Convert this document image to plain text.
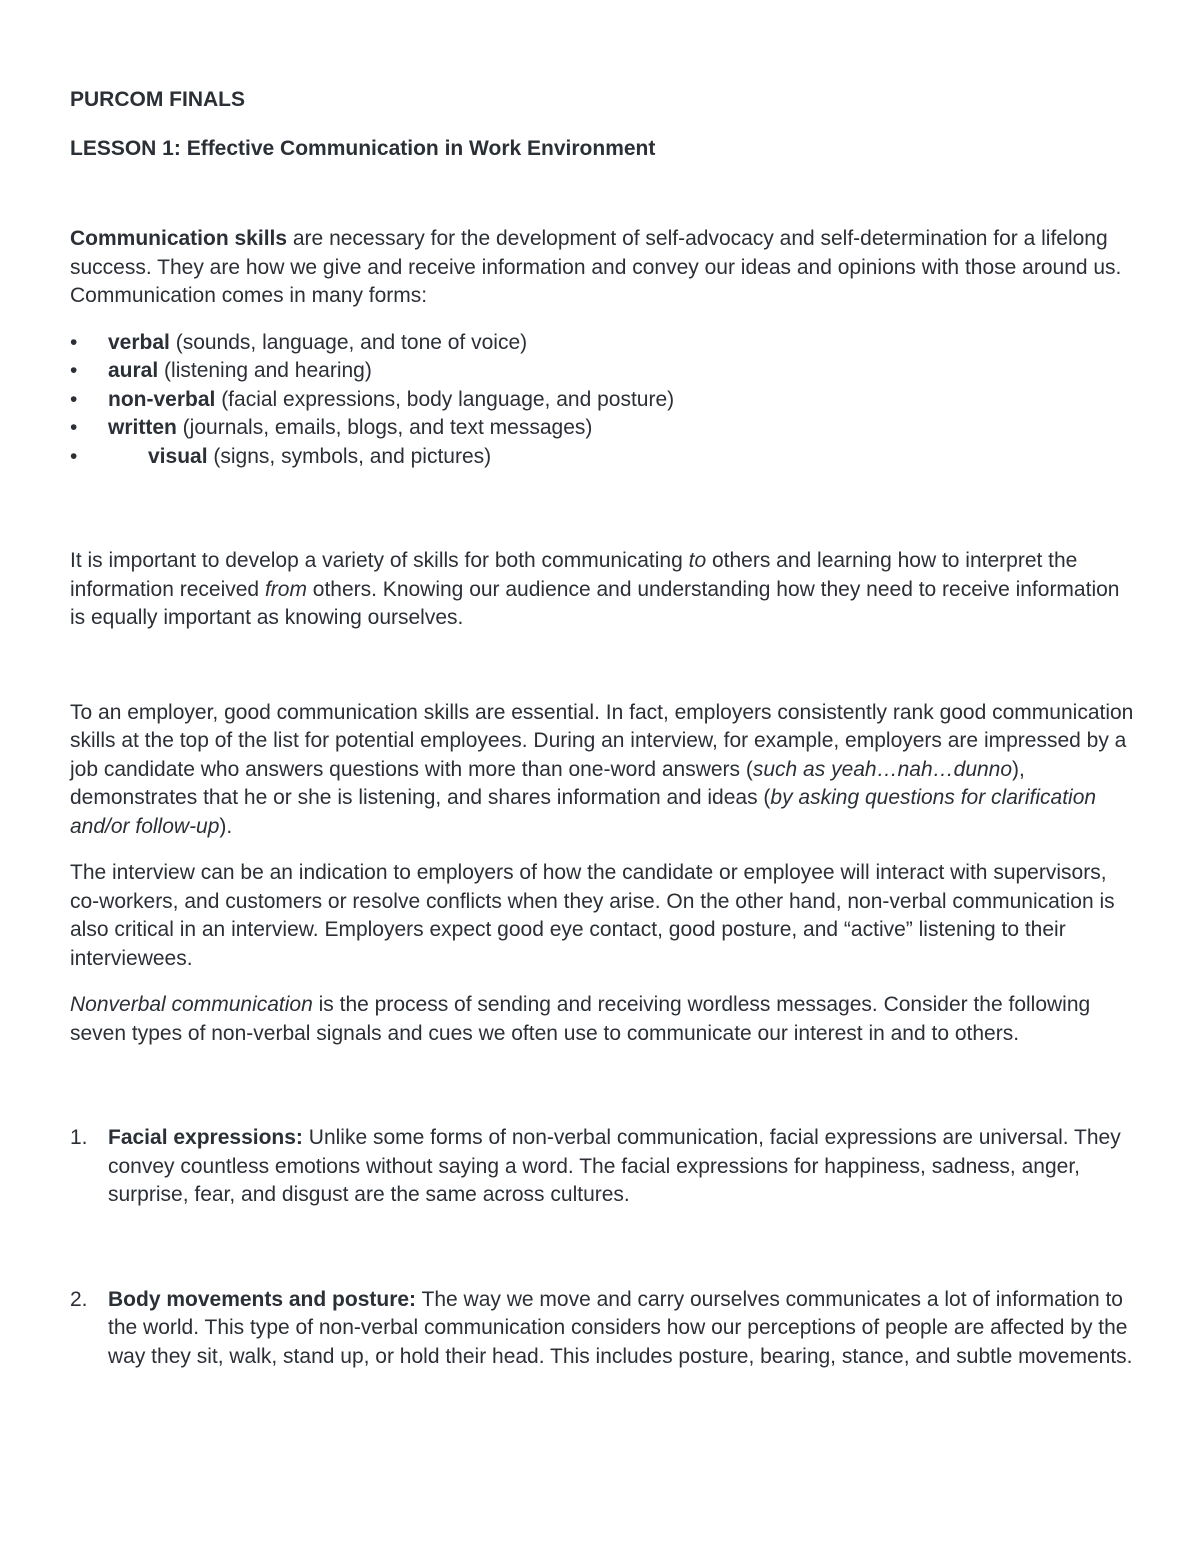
PURCOM FINALS
LESSON 1: Effective Communication in Work Environment

Communication skills are necessary for the development of self-advocacy and self-determination for a lifelong success. They are how we give and receive information and convey our ideas and opinions with those around us. Communication comes in many forms:

• verbal (sounds, language, and tone of voice)
• aural (listening and hearing)
• non-verbal (facial expressions, body language, and posture)
• written (journals, emails, blogs, and text messages)
•	visual (signs, symbols, and pictures)

It is important to develop a variety of skills for both communicating to others and learning how to interpret the information received from others. Knowing our audience and understanding how they need to receive information is equally important as knowing ourselves.

To an employer, good communication skills are essential. In fact, employers consistently rank good communication skills at the top of the list for potential employees. During an interview, for example, employers are impressed by a job candidate who answers questions with more than one-word answers (such as yeah…nah…dunno), demonstrates that he or she is listening, and shares information and ideas (by asking questions for clarification and/or follow-up).

The interview can be an indication to employers of how the candidate or employee will interact with supervisors, co-workers, and customers or resolve conflicts when they arise. On the other hand, non-verbal communication is also critical in an interview. Employers expect good eye contact, good posture, and “active” listening to their interviewees.

Nonverbal communication is the process of sending and receiving wordless messages. Consider the following seven types of non-verbal signals and cues we often use to communicate our interest in and to others.

1. Facial expressions: Unlike some forms of non-verbal communication, facial expressions are universal. They convey countless emotions without saying a word. The facial expressions for happiness, sadness, anger, surprise, fear, and disgust are the same across cultures.
2. Body movements and posture: The way we move and carry ourselves communicates a lot of information to the world. This type of non-verbal communication considers how our perceptions of people are affected by the way they sit, walk, stand up, or hold their head. This includes posture, bearing, stance, and subtle movements.
